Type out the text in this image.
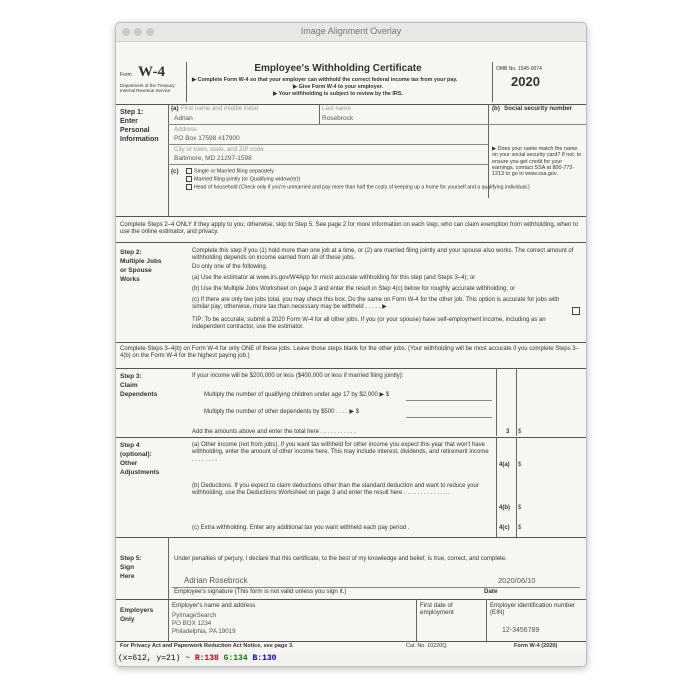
Image Alignment Overlay
Form W-4
Department of the Treasury
Internal Revenue Service
Employee's Withholding Certificate
▶ Complete Form W-4 so that your employer can withhold the correct federal income tax from your pay.
▶ Give Form W-4 to your employer.
▶ Your withholding is subject to review by the IRS.
OMB No. 1545-0074
2020
Step 1:
Enter
Personal
Information
(a) First name and middle initial
Adrian
Last name
Rosebrock
(b) Social security number
Address
PO Box 17598 #17900
City or town, state, and ZIP code
Baltimore, MD 21297-1598
▶ Does your name match the name on your social security card? If not, to ensure you get credit for your earnings, contact SSA at 800-772-1213 or go to www.ssa.gov.
(c)	Single or Married filing separately
Married filing jointly (or Qualifying widow(er))
Head of household (Check only if you're unmarried and pay more than half the costs of keeping up a home for yourself and a qualifying individual.)
Complete Steps 2–4 ONLY if they apply to you; otherwise, skip to Step 5. See page 2 for more information on each step, who can claim exemption from withholding, when to use the online estimator, and privacy.
Step 2:
Multiple Jobs
or Spouse
Works
Complete this step if you (1) hold more than one job at a time, or (2) are married filing jointly and your spouse also works. The correct amount of withholding depends on income earned from all of these jobs.
Do only one of the following.
(a) Use the estimator at www.irs.gov/W4App for most accurate withholding for this step (and Steps 3–4); or
(b) Use the Multiple Jobs Worksheet on page 3 and enter the result in Step 4(c) below for roughly accurate withholding; or
(c) If there are only two jobs total, you may check this box. Do the same on Form W-4 for the other job. This option is accurate for jobs with similar pay; otherwise, more tax than necessary may be withheld . . . . . ▶
TIP: To be accurate, submit a 2020 Form W-4 for all other jobs. If you (or your spouse) have self-employment income, including as an independent contractor, use the estimator.
Complete Steps 3–4(b) on Form W-4 for only ONE of these jobs. Leave those steps blank for the other jobs. (Your withholding will be most accurate if you complete Steps 3–4(b) on the Form W-4 for the highest paying job.)
Step 3:
Claim
Dependents
If your income will be $200,000 or less ($400,000 or less if married filing jointly):
Multiply the number of qualifying children under age 17 by $2,000 ▶ $
Multiply the number of other dependents by $500 . . . . ▶ $
Add the amounts above and enter the total here . . . . . . . . . . .	3 $
Step 4
(optional):
Other
Adjustments
(a) Other income (not from jobs). If you want tax withheld for other income you expect this year that won't have withholding, enter the amount of other income here. This may include interest, dividends, and retirement income . . . . . . . .
4(a) $
(b) Deductions. If you expect to claim deductions other than the standard deduction and want to reduce your withholding, use the Deductions Worksheet on page 3 and enter the result here . . . . . . . . . . . . . .
4(b) $
(c) Extra withholding. Enter any additional tax you want withheld each pay period .	4(c) $
Step 5:
Sign
Here
Under penalties of perjury, I declare that this certificate, to the best of my knowledge and belief, is true, correct, and complete.
Adrian Rosebrock	2020/06/10
Employee's signature (This form is not valid unless you sign it.)	Date
Employers
Only
Employer's name and address
PyImageSearch
PO BOX 1234
Philadelphia, PA 19019
First date of employment
Employer identification number (EIN)
12-3456789
For Privacy Act and Paperwork Reduction Act Notice, see page 3.	Cat. No. 10220Q	Form W-4 (2020)
(x=612, y=21) ~ R:138 G:134 B:130
